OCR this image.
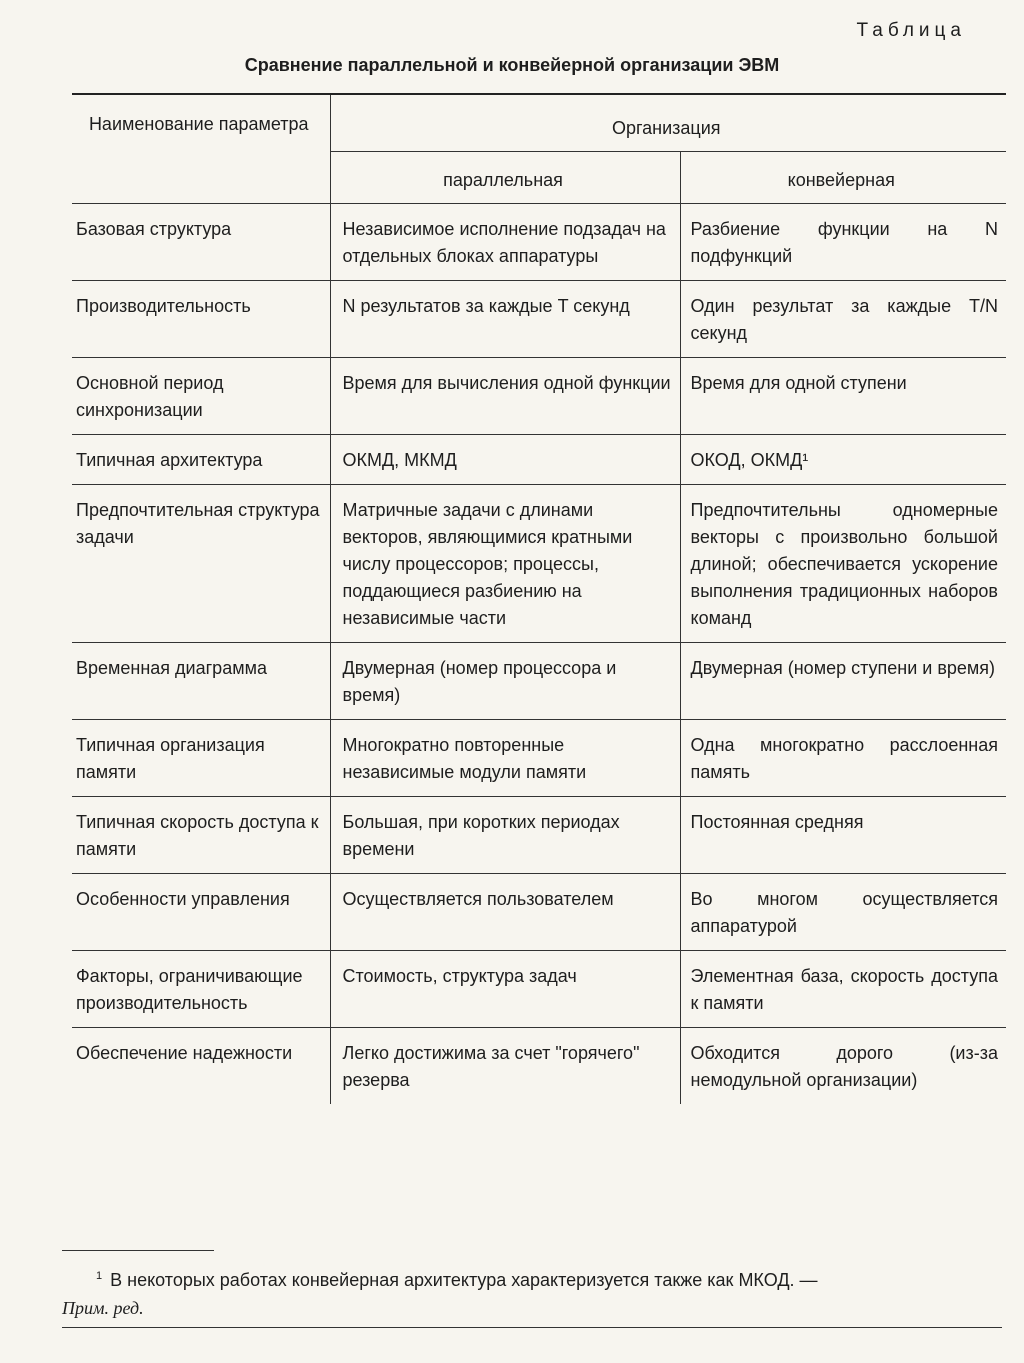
Таблица
Сравнение параллельной и конвейерной организации ЭВМ
Наименование параметра	Организация	
	параллельная	конвейерная
Базовая структура	Независимое исполнение подзадач на отдельных блоках аппаратуры	Разбиение функции на N подфункций
Производительность	N результатов за каждые T секунд	Один результат за каждые T/N секунд
Основной период синхронизации	Время для вычисления одной функции	Время для одной ступени
Типичная архитектура	ОКМД, МКМД	ОКОД, ОКМД¹
Предпочтительная структура задачи	Матричные задачи с длинами векторов, являющимися кратными числу процессоров; процессы, поддающиеся разбиению на независимые части	Предпочтительны одномерные векторы с произвольно большой длиной; обеспечивается ускорение выполнения традиционных наборов команд
Временная диаграмма	Двумерная (номер процессора и время)	Двумерная (номер ступени и время)
Типичная организация памяти	Многократно повторенные независимые модули памяти	Одна многократно расслоенная память
Типичная скорость доступа к памяти	Большая, при коротких периодах времени	Постоянная средняя
Особенности управления	Осуществляется пользователем	Во многом осуществляется аппаратурой
Факторы, ограничивающие производительность	Стоимость, структура задач	Элементная база, скорость доступа к памяти
Обеспечение надежности	Легко достижима за счет "горячего" резерва	Обходится дорого (из-за немодульной организации)
$^1$ В некоторых работах конвейерная архитектура характеризуется также как МКОД. —
Прим. ред.
